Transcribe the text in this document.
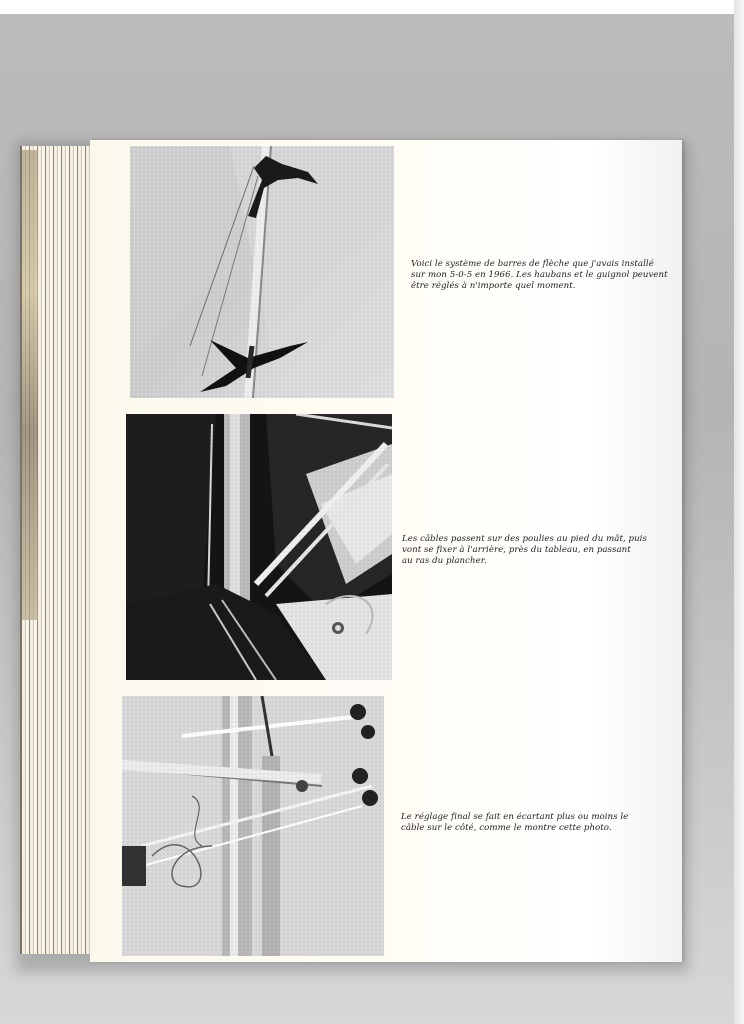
Voici le système de barres de flèche que j'avais installé
sur mon 5-0-5 en 1966. Les haubans et le guignol peuvent
être réglés à n'importe quel moment.
Les câbles passent sur des poulies au pied du mât, puis
vont se fixer à l'arrière, près du tableau, en passant
au ras du plancher.
Le réglage final se fait en écartant plus ou moins le
câble sur le côté, comme le montre cette photo.
